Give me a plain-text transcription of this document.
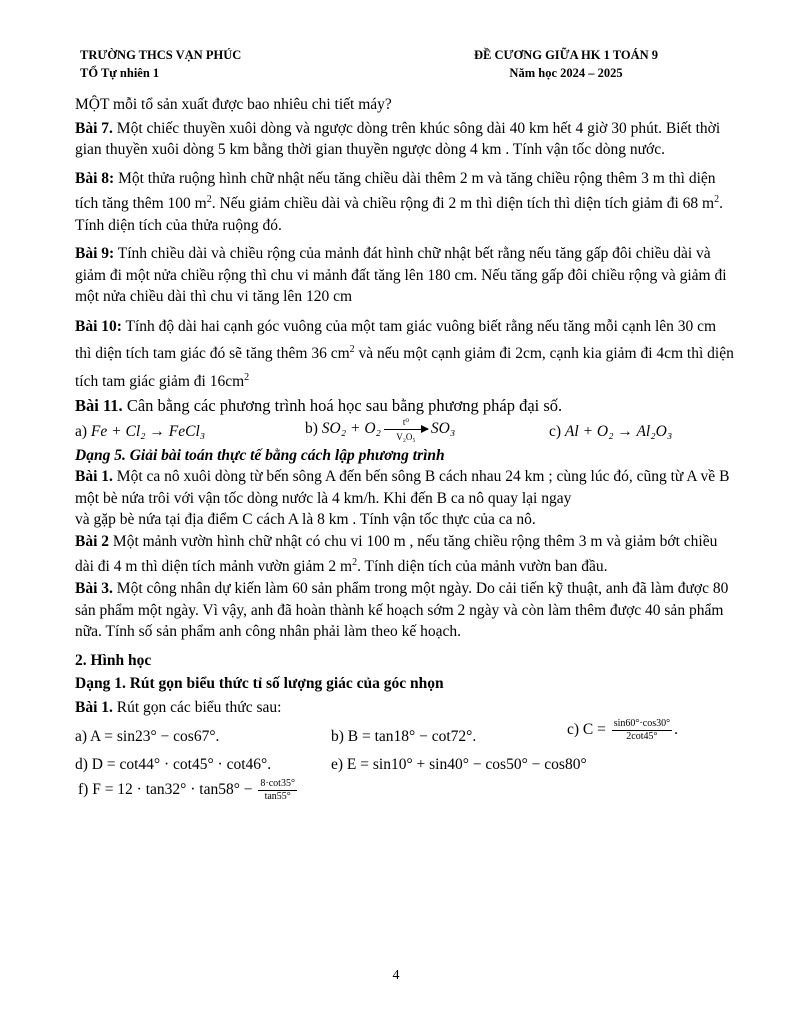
TRƯỜNG THCS VẠN PHÚC
TỔ Tự nhiên 1
ĐỀ CƯƠNG GIỮA HK 1 TOÁN 9
Năm học 2024 – 2025

MỘT mỗi tổ sản xuất được bao nhiêu chi tiết máy?

Bài 7. Một chiếc thuyền xuôi dòng và ngược dòng trên khúc sông dài 40 km hết 4 giờ 30 phút. Biết thời gian thuyền xuôi dòng 5 km bằng thời gian thuyền ngược dòng 4 km . Tính vận tốc dòng nước.

Bài 8: Một thửa ruộng hình chữ nhật nếu tăng chiều dài thêm 2 m và tăng chiều rộng thêm 3 m thì diện tích tăng thêm 100 $m^2$. Nếu giảm chiều dài và chiều rộng đi 2 m thì diện tích thì diện tích giảm đi 68 $m^2$. Tính diện tích của thửa ruộng đó.

Bài 9: Tính chiều dài và chiều rộng của mảnh đát hình chữ nhật bết rằng nếu tăng gấp đôi chiều dài và giảm đi một nửa chiều rộng thì chu vi mảnh đất tăng lên 180 cm. Nếu tăng gấp đôi chiều rộng và giảm đi một nửa chiều dài thì chu vi tăng lên 120 cm

Bài 10: Tính độ dài hai cạnh góc vuông của một tam giác vuông biết rằng nếu tăng mỗi cạnh lên 30 cm thì diện tích tam giác đó sẽ tăng thêm 36 $cm^2$ và nếu một cạnh giảm đi 2cm, cạnh kia giảm đi 4cm thì diện tích tam giác giảm đi $16cm^2$

Bài 11. Cân bằng các phương trình hoá học sau bằng phương pháp đại số.

a) Fe + Cl₂ → FeCl₃	b) $SO_2 + O_2 \frac{\text{t⁰}}{\text{V₂O₅}} SO_3$	c) Al + O₂ → Al₂O₃

Dạng 5. Giải bài toán thực tế bằng cách lập phương trình

Bài 1. Một ca nô xuôi dòng từ bến sông A đến bến sông B cách nhau 24 km ; cùng lúc đó, cũng từ A về B một bè nứa trôi với vận tốc dòng nước là 4 km/h. Khi đến B ca nô quay lại ngay

và gặp bè nứa tại địa điểm C cách A là 8 km . Tính vận tốc thực của ca nô.

Bài 2 Một mảnh vườn hình chữ nhật có chu vi 100 m , nếu tăng chiều rộng thêm 3 m và giảm bớt chiều dài đi 4 m thì diện tích mảnh vườn giảm 2 $m^2$. Tính diện tích của mảnh vườn ban đầu.

Bài 3. Một công nhân dự kiến làm 60 sản phẩm trong một ngày. Do cải tiến kỹ thuật, anh đã làm được 80 sản phẩm một ngày. Vì vậy, anh đã hoàn thành kế hoạch sớm 2 ngày và còn làm thêm được 40 sản phẩm nữa. Tính số sản phẩm anh công nhân phải làm theo kế hoạch.

2. Hình học

Dạng 1. Rút gọn biểu thức tỉ số lượng giác của góc nhọn

Bài 1. Rút gọn các biểu thức sau:

a) A = sin23° − cos67°.	b) B = tan18° − cot72°.	c) $C = \frac{\sin 60^\circ\cdot\cos 30^\circ}{2\cot 45^\circ}$ .
d) D = cot44° · cot45° · cot46°.	e) E = sin10° + sin40° − cos50° − cos80°
f) $F = 12 \cdot \tan 32^\circ \cdot \tan 58^\circ - \frac{8\cdot\cot 35^\circ}{\tan 55^\circ}$
4
